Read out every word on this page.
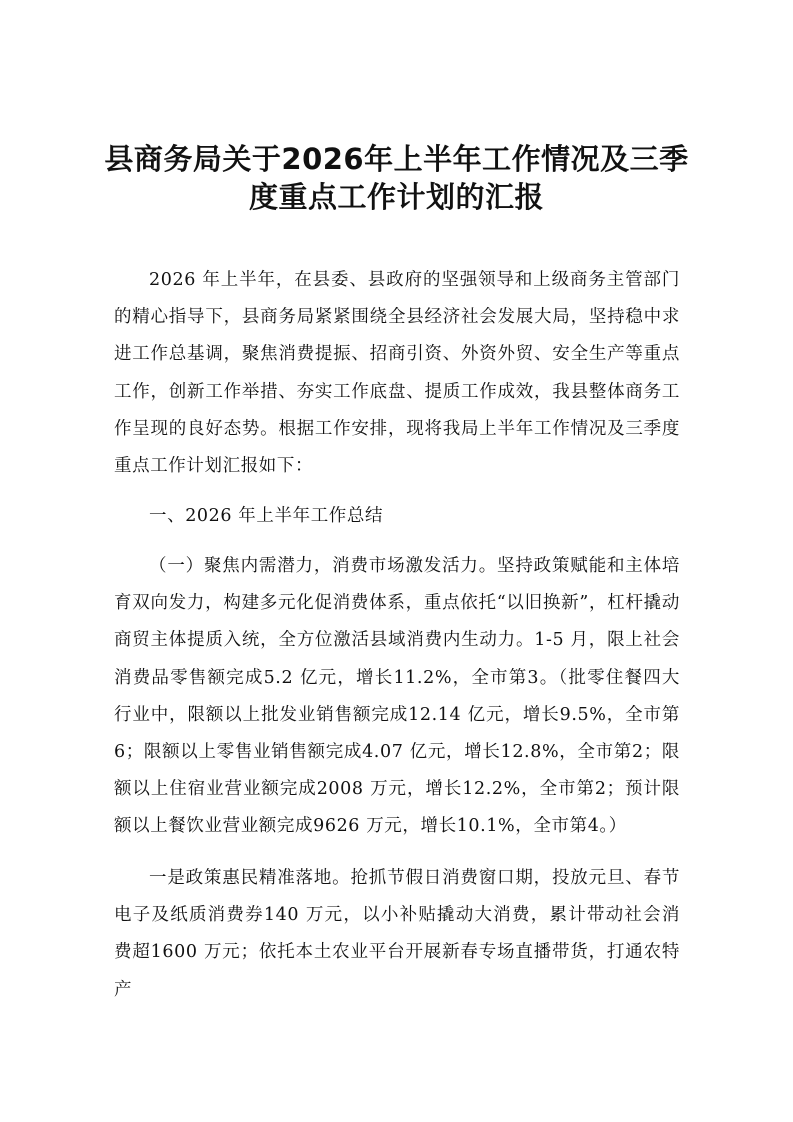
县商务局关于2026年上半年工作情况及三季
度重点工作计划的汇报

2026 年上半年，在县委、县政府的坚强领导和上级商务主管部门的精心指导下，县商务局紧紧围绕全县经济社会发展大局，坚持稳中求进工作总基调，聚焦消费提振、招商引资、外资外贸、安全生产等重点工作，创新工作举措、夯实工作底盘、提质工作成效，我县整体商务工作呈现的良好态势。根据工作安排，现将我局上半年工作情况及三季度重点工作计划汇报如下：

一、2026 年上半年工作总结

（一）聚焦内需潜力，消费市场激发活力。坚持政策赋能和主体培育双向发力，构建多元化促消费体系，重点依托“以旧换新”，杠杆撬动商贸主体提质入统，全方位激活县域消费内生动力。1-5 月，限上社会消费品零售额完成5.2 亿元，增长11.2%，全市第3。（批零住餐四大行业中，限额以上批发业销售额完成12.14 亿元，增长9.5%，全市第6；限额以上零售业销售额完成4.07 亿元，增长12.8%，全市第2；限额以上住宿业营业额完成2008 万元，增长12.2%，全市第2；预计限额以上餐饮业营业额完成9626 万元，增长10.1%，全市第4。）

一是政策惠民精准落地。抢抓节假日消费窗口期，投放元旦、春节电子及纸质消费券140 万元，以小补贴撬动大消费，累计带动社会消费超1600 万元；依托本土农业平台开展新春专场直播带货，打通农特产
